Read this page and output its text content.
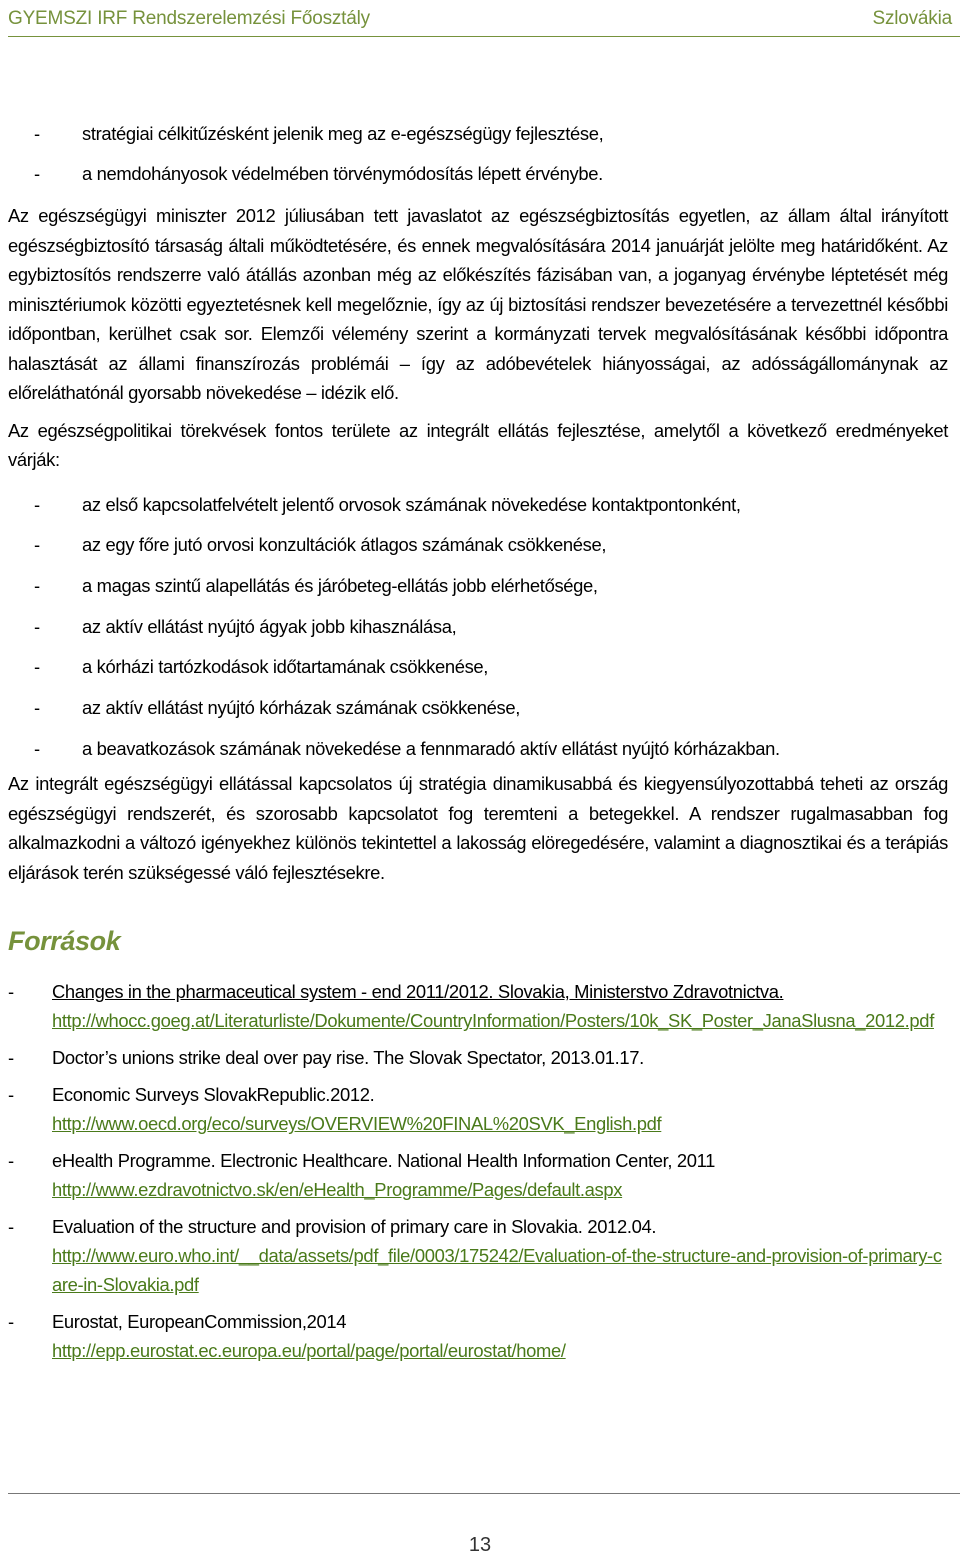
GYEMSZI IRF Rendszerelemzési Főosztály	Szlovákia
- stratégiai célkitűzésként jelenik meg az e-egészségügy fejlesztése,
- a nemdohányosok védelmében törvénymódosítás lépett érvénybe.

Az egészségügyi miniszter 2012 júliusában tett javaslatot az egészségbiztosítás egyetlen, az állam által irányított egészségbiztosító társaság általi működtetésére, és ennek megvalósítására 2014 januárját jelölte meg határidőként. Az egybiztosítós rendszerre való átállás azonban még az előkészítés fázisában van, a joganyag érvénybe léptetését még minisztériumok közötti egyeztetésnek kell megelőznie, így az új biztosítási rendszer bevezetésére a tervezettnél későbbi időpontban, kerülhet csak sor. Elemzői vélemény szerint a kormányzati tervek megvalósításának későbbi időpontra halasztását az állami finanszírozás problémái – így az adóbevételek hiányosságai, az adósságállománynak az előreláthatónál gyorsabb növekedése – idézik elő.

Az egészségpolitikai törekvések fontos területe az integrált ellátás fejlesztése, amelytől a következő eredményeket várják:

- az első kapcsolatfelvételt jelentő orvosok számának növekedése kontaktpontonként,
- az egy főre jutó orvosi konzultációk átlagos számának csökkenése,
- a magas szintű alapellátás és járóbeteg-ellátás jobb elérhetősége,
- az aktív ellátást nyújtó ágyak jobb kihasználása,
- a kórházi tartózkodások időtartamának csökkenése,
- az aktív ellátást nyújtó kórházak számának csökkenése,
- a beavatkozások számának növekedése a fennmaradó aktív ellátást nyújtó kórházakban.

Az integrált egészségügyi ellátással kapcsolatos új stratégia dinamikusabbá és kiegyensúlyozottabbá teheti az ország egészségügyi rendszerét, és szorosabb kapcsolatot fog teremteni a betegekkel. A rendszer rugalmasabban fog alkalmazkodni a változó igényekhez különös tekintettel a lakosság elöregedésére, valamint a diagnosztikai és a terápiás eljárások terén szükségessé váló fejlesztésekre.

Források
- Changes in the pharmaceutical system - end 2011/2012. Slovakia, Ministerstvo Zdravotnictva.
http://whocc.goeg.at/Literaturliste/Dokumente/CountryInformation/Posters/10k_SK_Poster_JanaSlusna_2012.pdf
- Doctor’s unions strike deal over pay rise. The Slovak Spectator, 2013.01.17.
- Economic Surveys SlovakRepublic.2012.
http://www.oecd.org/eco/surveys/OVERVIEW%20FINAL%20SVK_English.pdf
- eHealth Programme. Electronic Healthcare. National Health Information Center, 2011
http://www.ezdravotnictvo.sk/en/eHealth_Programme/Pages/default.aspx
- Evaluation of the structure and provision of primary care in Slovakia. 2012.04.
http://www.euro.who.int/__data/assets/pdf_file/0003/175242/Evaluation-of-the-structure-and-provision-of-primary-care-in-Slovakia.pdf
- Eurostat, EuropeanCommission,2014
http://epp.eurostat.ec.europa.eu/portal/page/portal/eurostat/home/
13
